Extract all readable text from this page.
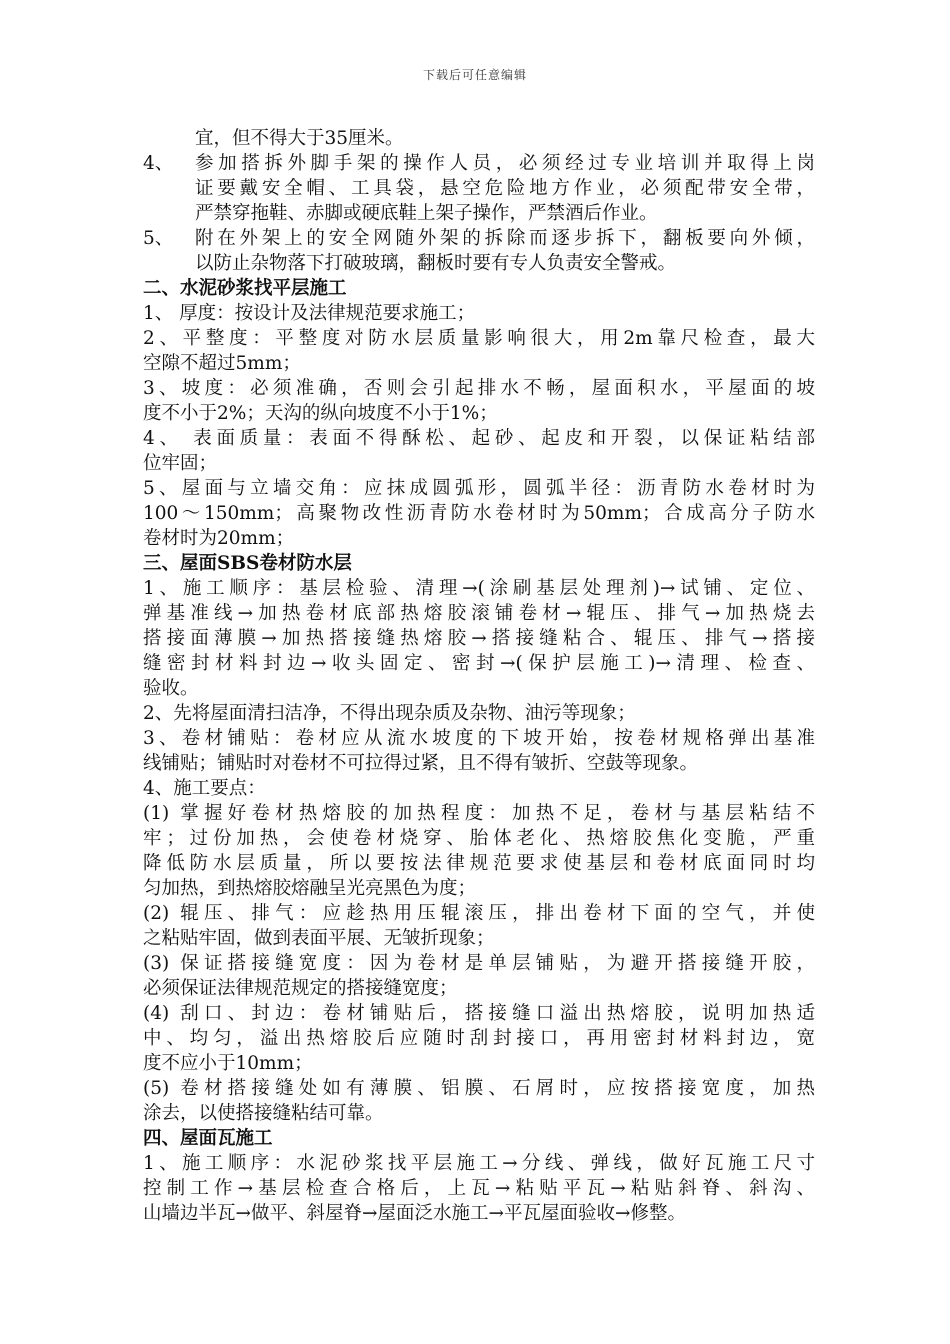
下载后可任意编辑
宜，但不得大于35厘米。
4、 参加搭拆外脚手架的操作人员，必须经过专业培训并取得上岗
证要戴安全帽、工具袋，悬空危险地方作业，必须配带安全带，
严禁穿拖鞋、赤脚或硬底鞋上架子操作，严禁酒后作业。
5、 附在外架上的安全网随外架的拆除而逐步拆下，翻板要向外倾，
以防止杂物落下打破玻璃，翻板时要有专人负责安全警戒。
二、水泥砂浆找平层施工
1、 厚度：按设计及法律规范要求施工；
2、平整度：平整度对防水层质量影响很大，用2m靠尺检查，最大
空隙不超过5mm；
3、坡度：必须准确，否则会引起排水不畅，屋面积水，平屋面的坡
度不小于2%；天沟的纵向坡度不小于1%；
4、 表面质量：表面不得酥松、起砂、起皮和开裂，以保证粘结部
位牢固；
5、屋面与立墙交角：应抹成圆弧形，圆弧半径：沥青防水卷材时为
100～150mm；高聚物改性沥青防水卷材时为50mm；合成高分子防水
卷材时为20mm；
三、屋面SBS卷材防水层
1、施工顺序：基层检验、清理→(涂刷基层处理剂)→试铺、定位、
弹基准线→加热卷材底部热熔胶滚铺卷材→辊压、排气→加热烧去
搭接面薄膜→加热搭接缝热熔胶→搭接缝粘合、辊压、排气→搭接
缝密封材料封边→收头固定、密封→(保护层施工)→清理、检查、
验收。
2、先将屋面清扫洁净，不得出现杂质及杂物、油污等现象；
3、卷材铺贴：卷材应从流水坡度的下坡开始，按卷材规格弹出基准
线铺贴；铺贴时对卷材不可拉得过紧，且不得有皱折、空鼓等现象。
4、施工要点：
(1) 掌握好卷材热熔胶的加热程度：加热不足，卷材与基层粘结不
牢；过份加热，会使卷材烧穿、胎体老化、热熔胶焦化变脆，严重
降低防水层质量，所以要按法律规范要求使基层和卷材底面同时均
匀加热，到热熔胶熔融呈光亮黑色为度；
(2) 辊压、排气：应趁热用压辊滚压，排出卷材下面的空气，并使
之粘贴牢固，做到表面平展、无皱折现象；
(3) 保证搭接缝宽度：因为卷材是单层铺贴，为避开搭接缝开胶，
必须保证法律规范规定的搭接缝宽度；
(4) 刮口、封边：卷材铺贴后，搭接缝口溢出热熔胶，说明加热适
中、均匀，溢出热熔胶后应随时刮封接口，再用密封材料封边，宽
度不应小于10mm；
(5) 卷材搭接缝处如有薄膜、铝膜、石屑时，应按搭接宽度，加热
涂去，以使搭接缝粘结可靠。
四、屋面瓦施工
1、施工顺序：水泥砂浆找平层施工→分线、弹线，做好瓦施工尺寸
控制工作→基层检查合格后，上瓦→粘贴平瓦→粘贴斜脊、斜沟、
山墙边半瓦→做平、斜屋脊→屋面泛水施工→平瓦屋面验收→修整。
